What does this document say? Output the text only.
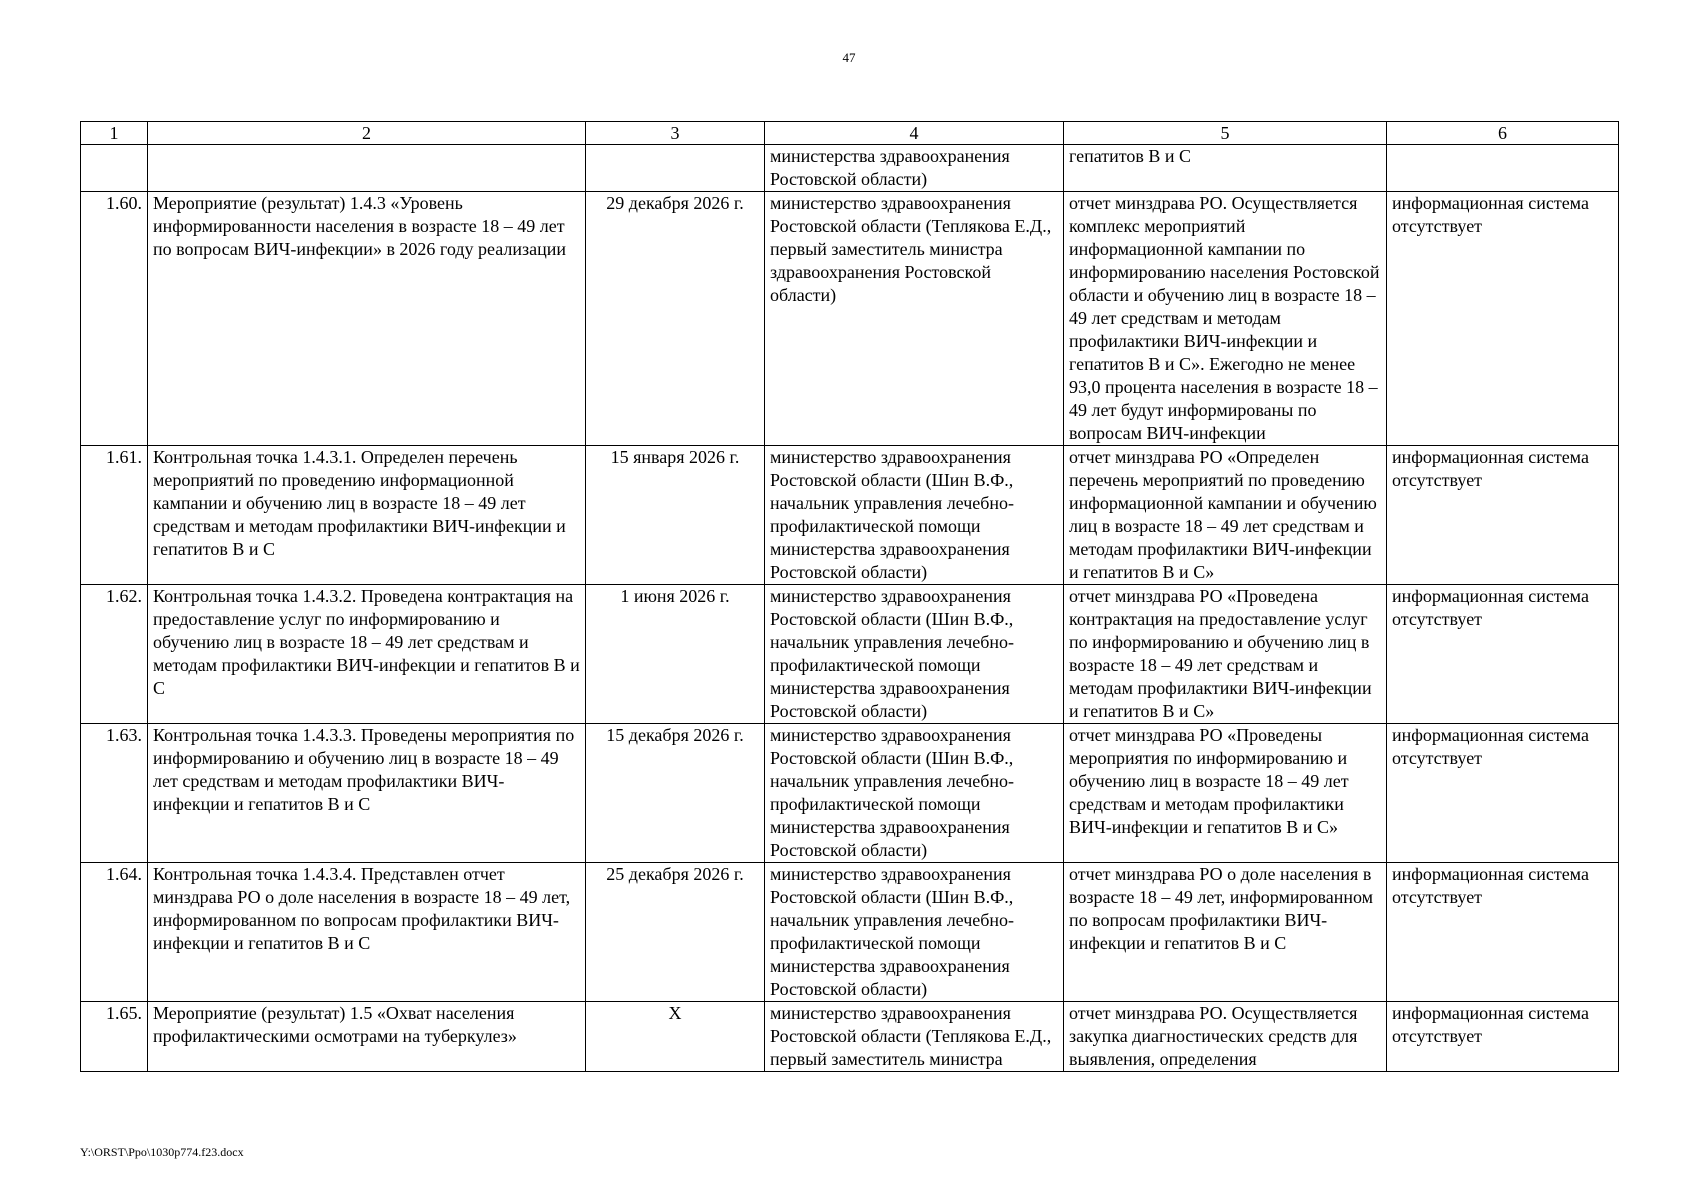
47
1	2	3	4	5	6
			министерства здравоохранения Ростовской области)	гепатитов В и С	
1.60.	Мероприятие (результат) 1.4.3 «Уровень информированности населения в возрасте 18 – 49 лет по вопросам ВИЧ-инфекции» в 2026 году реализации	29 декабря 2026 г.	министерство здравоохранения Ростовской области (Теплякова Е.Д., первый заместитель министра здравоохранения Ростовской области)	отчет минздрава РО. Осуществляется комплекс мероприятий информационной кампании по информированию населения Ростовской области и обучению лиц в возрасте 18 – 49 лет средствам и методам профилактики ВИЧ-инфекции и гепатитов В и С». Ежегодно не менее 93,0 процента населения в возрасте 18 – 49 лет будут информированы по вопросам ВИЧ-инфекции	информационная система отсутствует
1.61.	Контрольная точка 1.4.3.1. Определен перечень мероприятий по проведению информационной кампании и обучению лиц в возрасте 18 – 49 лет средствам и методам профилактики ВИЧ-инфекции и гепатитов В и С	15 января 2026 г.	министерство здравоохранения Ростовской области (Шин В.Ф., начальник управления лечебно-профилактической помощи министерства здравоохранения Ростовской области)	отчет минздрава РО «Определен перечень мероприятий по проведению информационной кампании и обучению лиц в возрасте 18 – 49 лет средствам и методам профилактики ВИЧ-инфекции и гепатитов В и С»	информационная система отсутствует
1.62.	Контрольная точка 1.4.3.2. Проведена контрактация на предоставление услуг по информированию и обучению лиц в возрасте 18 – 49 лет средствам и методам профилактики ВИЧ-инфекции и гепатитов В и С	1 июня 2026 г.	министерство здравоохранения Ростовской области (Шин В.Ф., начальник управления лечебно-профилактической помощи министерства здравоохранения Ростовской области)	отчет минздрава РО «Проведена контрактация на предоставление услуг по информированию и обучению лиц в возрасте 18 – 49 лет средствам и методам профилактики ВИЧ-инфекции и гепатитов В и С»	информационная система отсутствует
1.63.	Контрольная точка 1.4.3.3. Проведены мероприятия по информированию и обучению лиц в возрасте 18 – 49 лет средствам и методам профилактики ВИЧ-инфекции и гепатитов В и С	15 декабря 2026 г.	министерство здравоохранения Ростовской области (Шин В.Ф., начальник управления лечебно-профилактической помощи министерства здравоохранения Ростовской области)	отчет минздрава РО «Проведены мероприятия по информированию и обучению лиц в возрасте 18 – 49 лет средствам и методам профилактики ВИЧ-инфекции и гепатитов В и С»	информационная система отсутствует
1.64.	Контрольная точка 1.4.3.4. Представлен отчет минздрава РО о доле населения в возрасте 18 – 49 лет, информированном по вопросам профилактики ВИЧ-инфекции и гепатитов В и С	25 декабря 2026 г.	министерство здравоохранения Ростовской области (Шин В.Ф., начальник управления лечебно-профилактической помощи министерства здравоохранения Ростовской области)	отчет минздрава РО о доле населения в возрасте 18 – 49 лет, информированном по вопросам профилактики ВИЧ-инфекции и гепатитов В и С	информационная система отсутствует
1.65.	Мероприятие (результат) 1.5 «Охват населения профилактическими осмотрами на туберкулез»	X	министерство здравоохранения Ростовской области (Теплякова Е.Д., первый заместитель министра	отчет минздрава РО. Осуществляется закупка диагностических средств для выявления, определения	информационная система отсутствует
Y:\ORST\Ppo\1030p774.f23.docx
